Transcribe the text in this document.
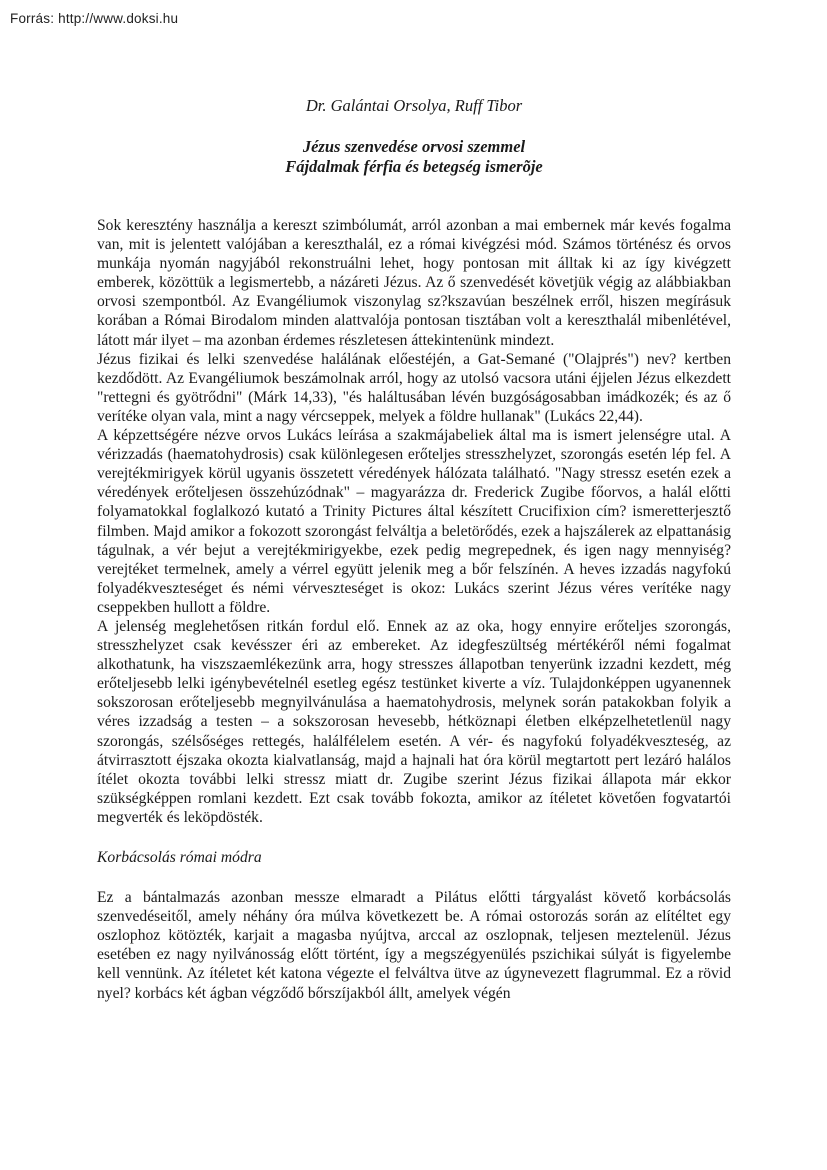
Forrás: http://www.doksi.hu
Dr. Galántai Orsolya, Ruff Tibor
Jézus szenvedése orvosi szemmel
Fájdalmak férfia és betegség ismerõje

Sok keresztény használja a kereszt szimbólumát, arról azonban a mai embernek már kevés fogalma van, mit is jelentett valójában a kereszthalál, ez a római kivégzési mód. Számos történész és orvos munkája nyomán nagyjából rekonstruálni lehet, hogy pontosan mit álltak ki az így kivégzett emberek, közöttük a legismertebb, a názáreti Jézus. Az ő szenvedését követjük végig az alábbiakban orvosi szempontból. Az Evangéliumok viszonylag sz?kszavúan beszélnek erről, hiszen megírásuk korában a Római Birodalom minden alattvalója pontosan tisztában volt a kereszthalál mibenlétével, látott már ilyet – ma azonban érdemes részletesen áttekintenünk mindezt.

Jézus fizikai és lelki szenvedése halálának előestéjén, a Gat-Semané ("Olajprés") nev? kertben kezdődött. Az Evangéliumok beszámolnak arról, hogy az utolsó vacsora utáni éjjelen Jézus elkezdett "rettegni és gyötrődni" (Márk 14,33), "és haláltusában lévén buzgóságosabban imádkozék; és az ő verítéke olyan vala, mint a nagy vércseppek, melyek a földre hullanak" (Lukács 22,44).

A képzettségére nézve orvos Lukács leírása a szakmájabeliek által ma is ismert jelenségre utal. A vérizzadás (haematohydrosis) csak különlegesen erőteljes stresszhelyzet, szorongás esetén lép fel. A verejtékmirigyek körül ugyanis összetett véredények hálózata található. "Nagy stressz esetén ezek a véredények erőteljesen összehúzódnak" – magyarázza dr. Frederick Zugibe főorvos, a halál előtti folyamatokkal foglalkozó kutató a Trinity Pictures által készített Crucifixion cím? ismeretterjesztő filmben. Majd amikor a fokozott szorongást felváltja a beletörődés, ezek a hajszálerek az elpattanásig tágulnak, a vér bejut a verejtékmirigyekbe, ezek pedig megrepednek, és igen nagy mennyiség? verejtéket termelnek, amely a vérrel együtt jelenik meg a bőr felszínén. A heves izzadás nagyfokú folyadékveszteséget és némi vérveszteséget is okoz: Lukács szerint Jézus véres verítéke nagy cseppekben hullott a földre.

A jelenség meglehetősen ritkán fordul elő. Ennek az az oka, hogy ennyire erőteljes szorongás, stresszhelyzet csak kevésszer éri az embereket. Az idegfeszültség mértékéről némi fogalmat alkothatunk, ha viszszaemlékezünk arra, hogy stresszes állapotban tenyerünk izzadni kezdett, még erőteljesebb lelki igénybevételnél esetleg egész testünket kiverte a víz. Tulajdonképpen ugyanennek sokszorosan erőteljesebb megnyilvánulása a haematohydrosis, melynek során patakokban folyik a véres izzadság a testen – a sokszorosan hevesebb, hétköznapi életben elképzelhetetlenül nagy szorongás, szélsőséges rettegés, halálfélelem esetén. A vér- és nagyfokú folyadékveszteség, az átvirrasztott éjszaka okozta kialvatlanság, majd a hajnali hat óra körül megtartott pert lezáró halálos ítélet okozta további lelki stressz miatt dr. Zugibe szerint Jézus fizikai állapota már ekkor szükségképpen romlani kezdett. Ezt csak tovább fokozta, amikor az ítéletet követően fogvatartói megverték és leköpdösték.

Korbácsolás római módra

Ez a bántalmazás azonban messze elmaradt a Pilátus előtti tárgyalást követő korbácsolás szenvedéseitől, amely néhány óra múlva következett be. A római ostorozás során az elítéltet egy oszlophoz kötözték, karjait a magasba nyújtva, arccal az oszlopnak, teljesen meztelenül. Jézus esetében ez nagy nyilvánosság előtt történt, így a megszégyenülés pszichikai súlyát is figyelembe kell vennünk. Az ítéletet két katona végezte el felváltva ütve az úgynevezett flagrummal. Ez a rövid nyel? korbács két ágban végződő bőrszíjakból állt, amelyek végén
